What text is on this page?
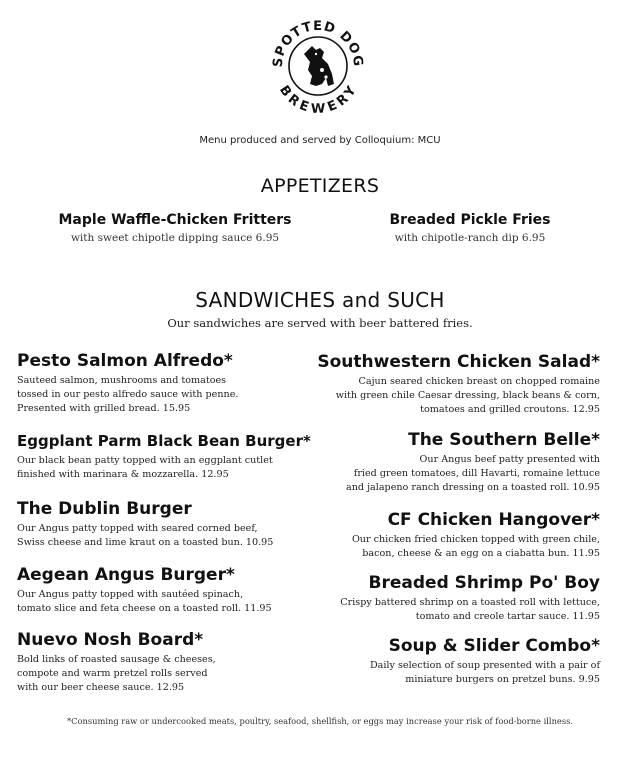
SPOTTED DOG
BREWERY
Menu produced and served by Colloquium: MCU
APPETIZERS
Maple Waffle-Chicken Fritters
with sweet chipotle dipping sauce 6.95
Breaded Pickle Fries
with chipotle-ranch dip 6.95
SANDWICHES and SUCH
Our sandwiches are served with beer battered fries.
Pesto Salmon Alfredo*
Sauteed salmon, mushrooms and tomatoes
tossed in our pesto alfredo sauce with penne.
Presented with grilled bread. 15.95
Eggplant Parm Black Bean Burger*
Our black bean patty topped with an eggplant cutlet
finished with marinara & mozzarella. 12.95
The Dublin Burger
Our Angus patty topped with seared corned beef,
Swiss cheese and lime kraut on a toasted bun. 10.95
Aegean Angus Burger*
Our Angus patty topped with sautéed spinach,
tomato slice and feta cheese on a toasted roll. 11.95
Nuevo Nosh Board*
Bold links of roasted sausage & cheeses,
compote and warm pretzel rolls served
with our beer cheese sauce. 12.95
Southwestern Chicken Salad*
Cajun seared chicken breast on chopped romaine
with green chile Caesar dressing, black beans & corn,
tomatoes and grilled croutons. 12.95
The Southern Belle*
Our Angus beef patty presented with
fried green tomatoes, dill Havarti, romaine lettuce
and jalapeno ranch dressing on a toasted roll. 10.95
CF Chicken Hangover*
Our chicken fried chicken topped with green chile,
bacon, cheese & an egg on a ciabatta bun. 11.95
Breaded Shrimp Po' Boy
Crispy battered shrimp on a toasted roll with lettuce,
tomato and creole tartar sauce. 11.95
Soup & Slider Combo*
Daily selection of soup presented with a pair of
miniature burgers on pretzel buns. 9.95
*Consuming raw or undercooked meats, poultry, seafood, shellfish, or eggs may increase your risk of food-borne illness.
